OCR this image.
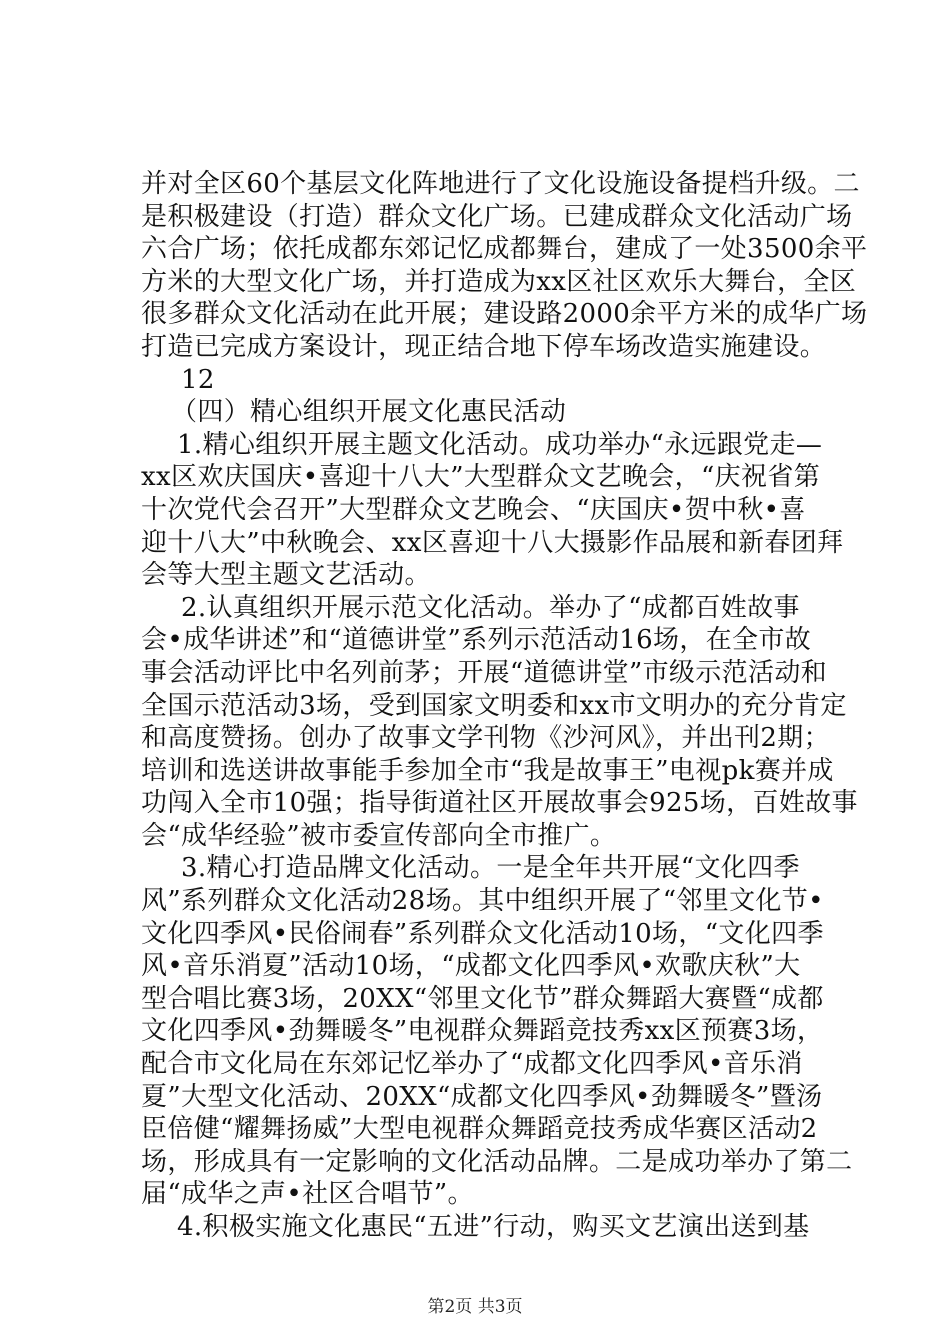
并对全区60个基层文化阵地进行了文化设施设备提档升级。二
是积极建设（打造）群众文化广场。已建成群众文化活动广场
六合广场；依托成都东郊记忆成都舞台，建成了一处3500余平
方米的大型文化广场，并打造成为xx区社区欢乐大舞台，全区
很多群众文化活动在此开展；建设路2000余平方米的成华广场
打造已完成方案设计，现正结合地下停车场改造实施建设。
12
（四）精心组织开展文化惠民活动
1.精心组织开展主题文化活动。成功举办“永远跟党走—
xx区欢庆国庆•喜迎十八大”大型群众文艺晚会，“庆祝省第
十次党代会召开”大型群众文艺晚会、“庆国庆•贺中秋•喜
迎十八大”中秋晚会、xx区喜迎十八大摄影作品展和新春团拜
会等大型主题文艺活动。
2.认真组织开展示范文化活动。举办了“成都百姓故事
会•成华讲述”和“道德讲堂”系列示范活动16场，在全市故
事会活动评比中名列前茅；开展“道德讲堂”市级示范活动和
全国示范活动3场，受到国家文明委和xx市文明办的充分肯定
和高度赞扬。创办了故事文学刊物《沙河风》，并出刊2期；
培训和选送讲故事能手参加全市“我是故事王”电视pk赛并成
功闯入全市10强；指导街道社区开展故事会925场，百姓故事
会“成华经验”被市委宣传部向全市推广。
3.精心打造品牌文化活动。一是全年共开展“文化四季
风”系列群众文化活动28场。其中组织开展了“邻里文化节•
文化四季风•民俗闹春”系列群众文化活动10场，“文化四季
风•音乐消夏”活动10场，“成都文化四季风•欢歌庆秋”大
型合唱比赛3场，20XX“邻里文化节”群众舞蹈大赛暨“成都
文化四季风•劲舞暖冬”电视群众舞蹈竞技秀xx区预赛3场，
配合市文化局在东郊记忆举办了“成都文化四季风•音乐消
夏”大型文化活动、20XX“成都文化四季风•劲舞暖冬”暨汤
臣倍健“耀舞扬威”大型电视群众舞蹈竞技秀成华赛区活动2
场，形成具有一定影响的文化活动品牌。二是成功举办了第二
届“成华之声•社区合唱节”。
4.积极实施文化惠民“五进”行动，购买文艺演出送到基
第2页 共3页
